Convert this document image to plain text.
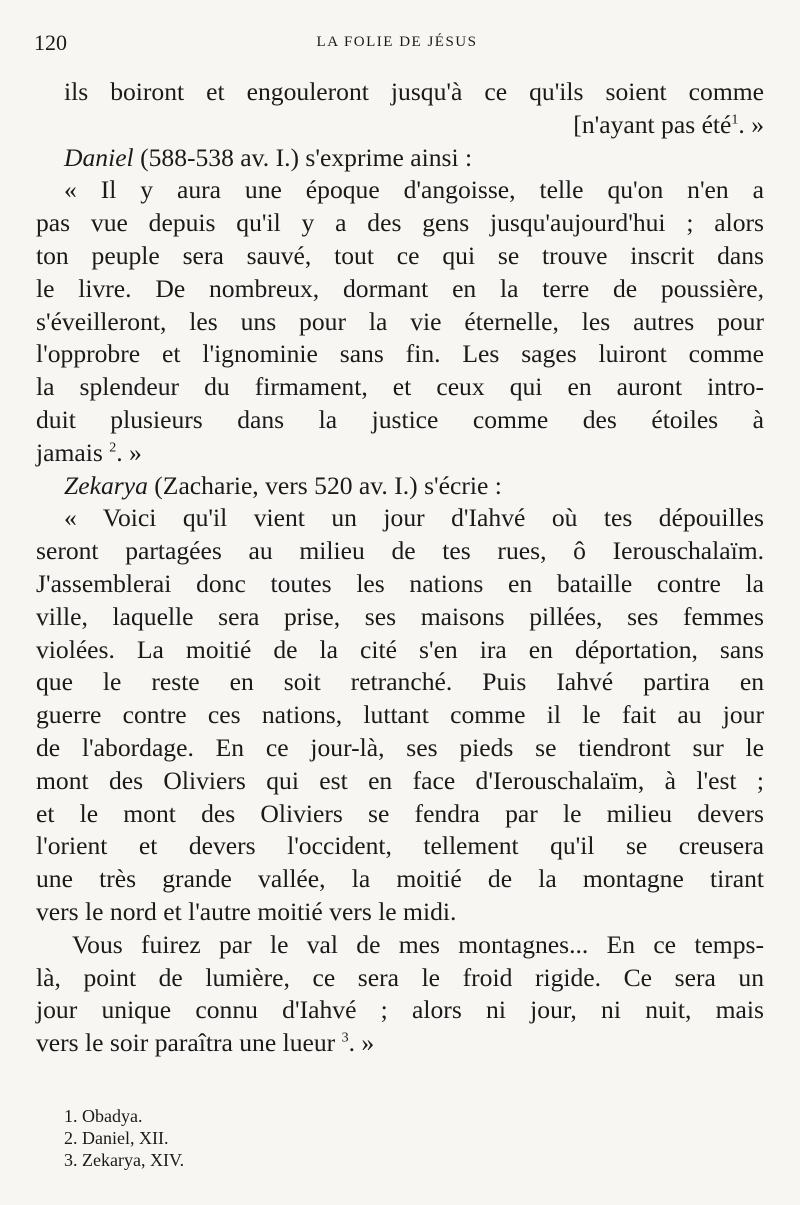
120	LA FOLIE DE JÉSUS
ils boiront et engouleront jusqu'à ce qu'ils soient comme
[n'ayant pas été$^1$. »
Daniel (588-538 av. I.) s'exprime ainsi :
« Il y aura une époque d'angoisse, telle qu'on n'en a
pas vue depuis qu'il y a des gens jusqu'aujourd'hui ; alors
ton peuple sera sauvé, tout ce qui se trouve inscrit dans
le livre. De nombreux, dormant en la terre de poussière,
s'éveilleront, les uns pour la vie éternelle, les autres pour
l'opprobre et l'ignominie sans fin. Les sages luiront comme
la splendeur du firmament, et ceux qui en auront intro-
duit plusieurs dans la justice comme des étoiles à
jamais $^2$. »
Zekarya (Zacharie, vers 520 av. I.) s'écrie :
« Voici qu'il vient un jour d'Iahvé où tes dépouilles
seront partagées au milieu de tes rues, ô Ierouschalaïm.
J'assemblerai donc toutes les nations en bataille contre la
ville, laquelle sera prise, ses maisons pillées, ses femmes
violées. La moitié de la cité s'en ira en déportation, sans
que le reste en soit retranché. Puis Iahvé partira en
guerre contre ces nations, luttant comme il le fait au jour
de l'abordage. En ce jour-là, ses pieds se tiendront sur le
mont des Oliviers qui est en face d'Ierouschalaïm, à l'est ;
et le mont des Oliviers se fendra par le milieu devers
l'orient et devers l'occident, tellement qu'il se creusera
une très grande vallée, la moitié de la montagne tirant
vers le nord et l'autre moitié vers le midi.
Vous fuirez par le val de mes montagnes... En ce temps-
là, point de lumière, ce sera le froid rigide. Ce sera un
jour unique connu d'Iahvé ; alors ni jour, ni nuit, mais
vers le soir paraîtra une lueur $^3$. »
1. Obadya.
2. Daniel, XII.
3. Zekarya, XIV.
